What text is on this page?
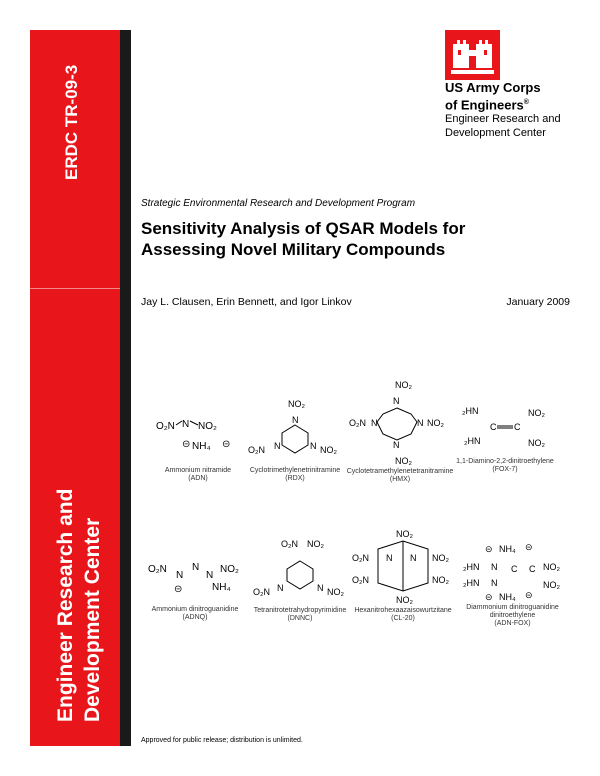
ERDC TR-09-3
Engineer Research and Development Center
US Army Corps
of Engineers®
Engineer Research and
Development Center
Strategic Environmental Research and Development Program
Sensitivity Analysis of QSAR Models for
Assessing Novel Military Compounds
Jay L. Clausen, Erin Bennett, and Igor Linkov	January 2009
O₂N N NO₂
NH₄ ⊝
⊝
Ammonium nitramide
(ADN)
NO₂
N
O₂N N	N NO₂
Cyclotrimethylenetrinitramine
(RDX)
NO₂
N
O₂N N	N NO₂
N
NO₂
Cyclotetramethylenetetranitramine
(HMX)
₂HN	NO₂
C C
₂HN	NO₂
1,1-Diamino-2,2-dinitroethylene
(FOX-7)
O₂N
N
N
N
NO₂
⊝	NH₄
Ammonium dinitroguanidine
(ADNQ)
O₂N NO₂
O₂N N	N NO₂
Tetranitrotetrahydropyrimidine
(DNNC)
NO₂
O₂N	NO₂
O₂N	NO₂
NO₂
N N
Hexanitrohexaazaisowurtzitane
(CL-20)
⊝ NH₄ ⊝
₂HN N C C NO₂
₂HN N	NO₂
⊝ NH₄ ⊝
Diammonium dinitroguanidine
dinitroethylene
(ADN-FOX)
Approved for public release; distribution is unlimited.
